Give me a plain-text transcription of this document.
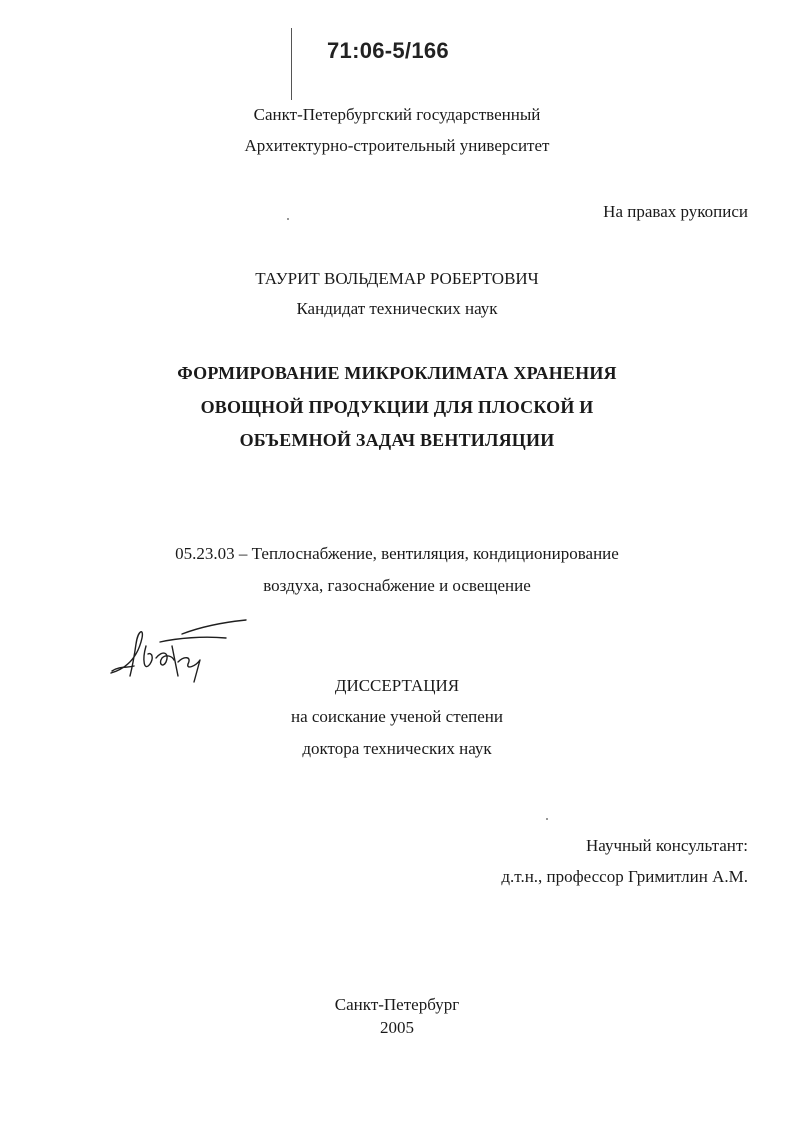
71:06-5/166
Санкт-Петербургский государственный
Архитектурно-строительный университет
На правах рукописи
ТАУРИТ ВОЛЬДЕМАР РОБЕРТОВИЧ
Кандидат технических наук
ФОРМИРОВАНИЕ МИКРОКЛИМАТА ХРАНЕНИЯ
ОВОЩНОЙ ПРОДУКЦИИ ДЛЯ ПЛОСКОЙ И
ОБЪЕМНОЙ ЗАДАЧ ВЕНТИЛЯЦИИ
05.23.03 – Теплоснабжение, вентиляция, кондиционирование
воздуха, газоснабжение и освещение
ДИССЕРТАЦИЯ
на соискание ученой степени
доктора технических наук
Научный консультант:
д.т.н., профессор Гримитлин А.М.
Санкт-Петербург
2005
